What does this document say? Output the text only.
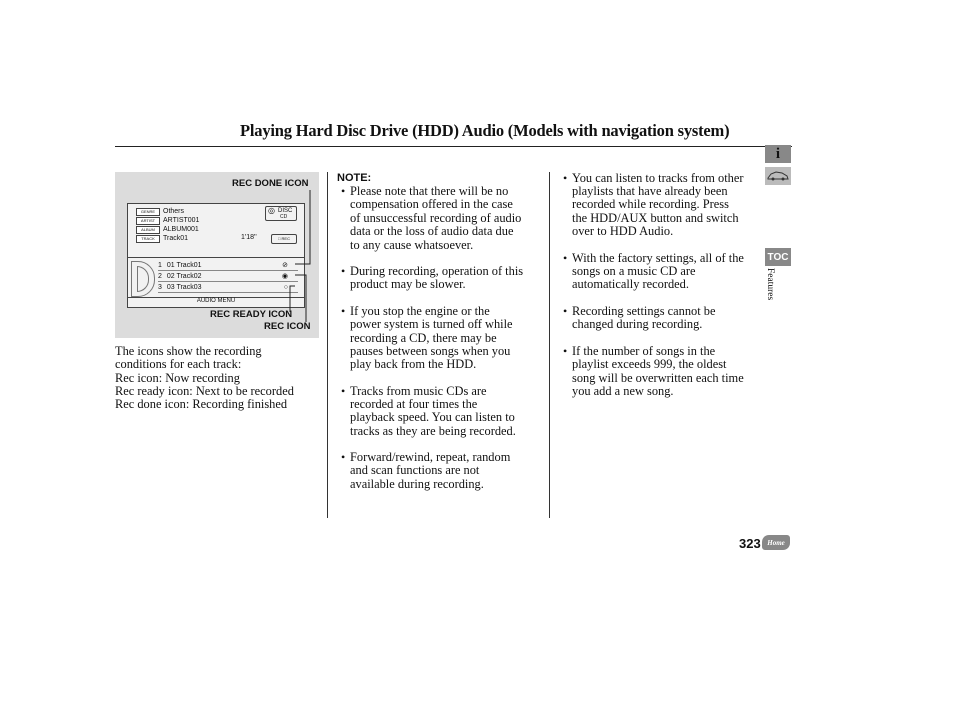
Playing Hard Disc Drive (HDD) Audio (Models with navigation system)
REC DONE ICON
REC READY ICON
REC ICON
GENRE	Others
ARTIST	ARTIST001
ALBUM	ALBUM001
TRACK	Track01
◎ DISC
CD
1'18''	□ REC
1 01 Track01	⊘
2 02 Track02	◉
3 03 Track03	○
AUDIO MENU
The icons show the recording
conditions for each track:
Rec icon: Now recording
Rec ready icon: Next to be recorded
Rec done icon: Recording finished
NOTE:
• Please note that there will be no
compensation offered in the case
of unsuccessful recording of audio
data or the loss of audio data due
to any cause whatsoever.
• During recording, operation of this
product may be slower.
• If you stop the engine or the
power system is turned off while
recording a CD, there may be
pauses between songs when you
play back from the HDD.
• Tracks from music CDs are
recorded at four times the
playback speed. You can listen to
tracks as they are being recorded.
• Forward/rewind, repeat, random
and scan functions are not
available during recording.
• You can listen to tracks from other
playlists that have already been
recorded while recording. Press
the HDD/AUX button and switch
over to HDD Audio.
• With the factory settings, all of the
songs on a music CD are
automatically recorded.
• Recording settings cannot be
changed during recording.
• If the number of songs in the
playlist exceeds 999, the oldest
song will be overwritten each time
you add a new song.
i
TOC
Features
323 Home
